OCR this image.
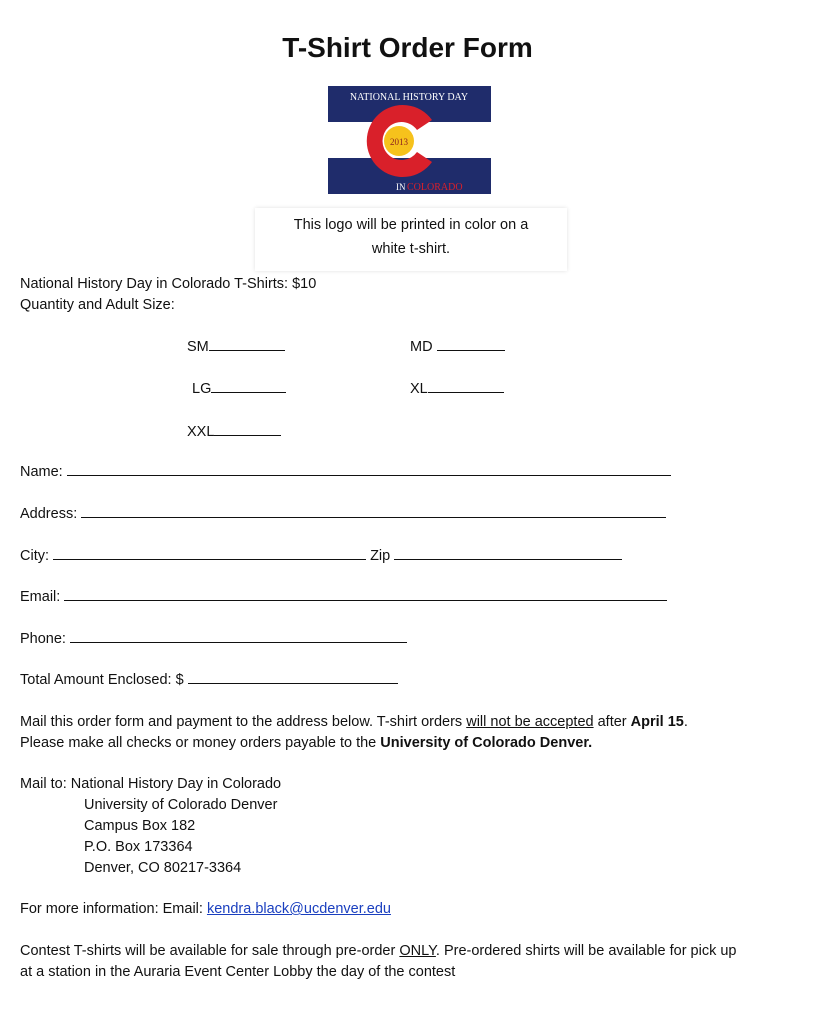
T-Shirt Order Form
2013
NATIONAL HISTORY DAY
IN COLORADO
This logo will be printed in color on a
white t-shirt.
National History Day in Colorado T-Shirts: $10
Quantity and Adult Size:
SM	MD
LG	XL
XXL
Name:
Address:
City:	Zip
Email:
Phone:
Total Amount Enclosed: $
Mail this order form and payment to the address below. T-shirt orders will not be accepted after April 15.
Please make all checks or money orders payable to the University of Colorado Denver.
Mail to: National History Day in Colorado
University of Colorado Denver
Campus Box 182
P.O. Box 173364
Denver, CO 80217-3364
For more information: Email: kendra.black@ucdenver.edu
Contest T-shirts will be available for sale through pre-order ONLY. Pre-ordered shirts will be available for pick up
at a station in the Auraria Event Center Lobby the day of the contest
